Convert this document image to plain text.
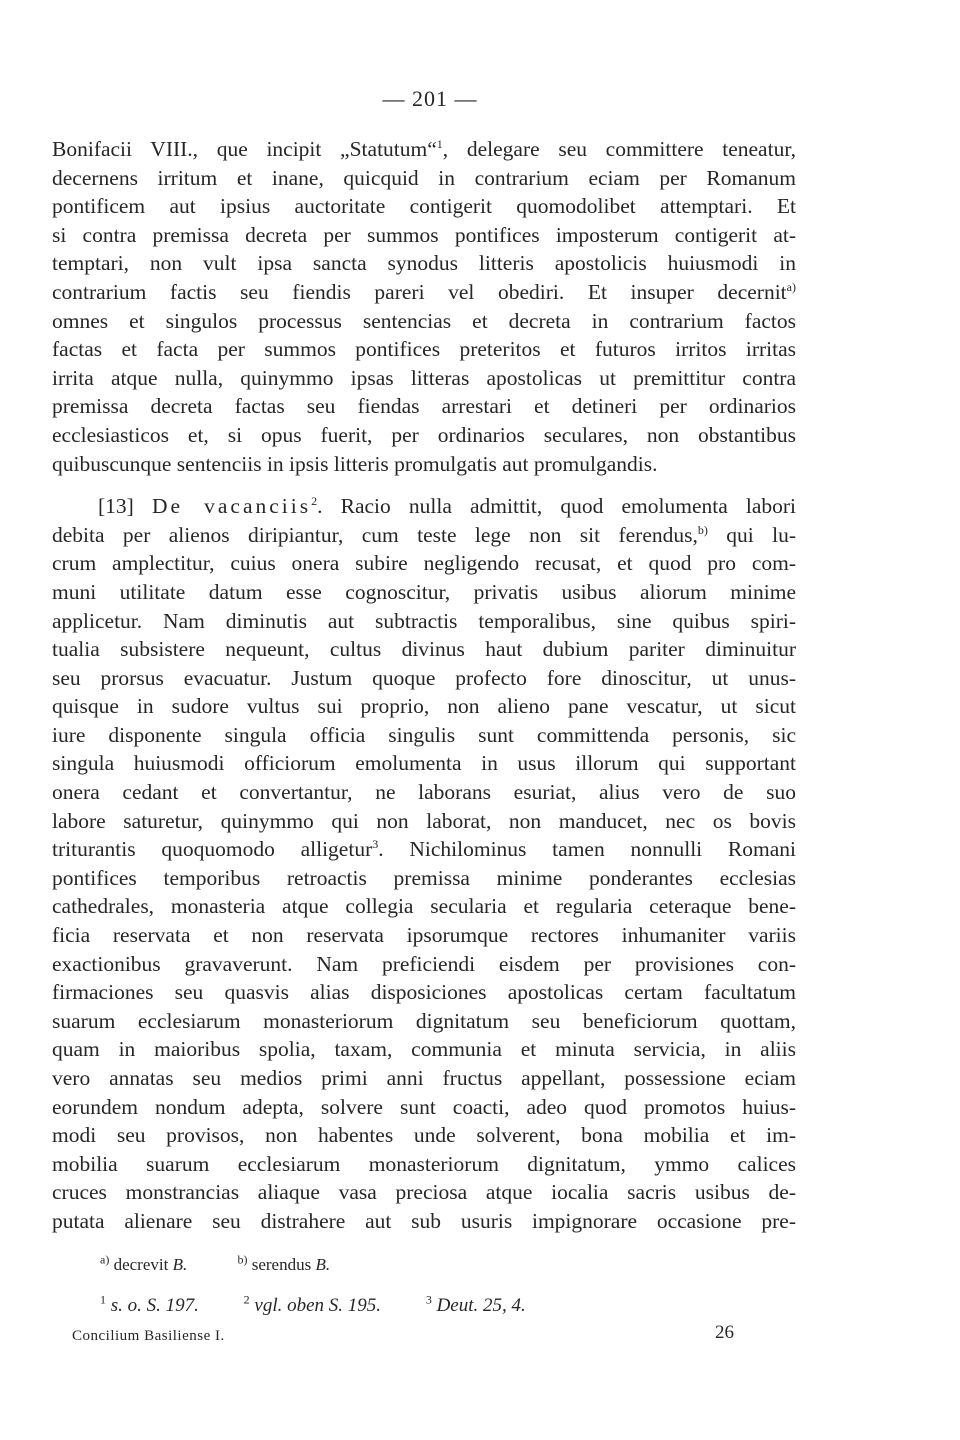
— 201 —
Bonifacii VIII., que incipit „Statutum“$^1$, delegare seu committere teneatur,
decernens irritum et inane, quicquid in contrarium eciam per Romanum
pontificem aut ipsius auctoritate contigerit quomodolibet attemptari. Et
si contra premissa decreta per summos pontifices imposterum contigerit at-
temptari, non vult ipsa sancta synodus litteris apostolicis huiusmodi in
contrarium factis seu fiendis pareri vel obediri. Et insuper decernit$^{a)}$
omnes et singulos processus sentencias et decreta in contrarium factos
factas et facta per summos pontifices preteritos et futuros irritos irritas
irrita atque nulla, quinymmo ipsas litteras apostolicas ut premittitur contra
premissa decreta factas seu fiendas arrestari et detineri per ordinarios
ecclesiasticos et, si opus fuerit, per ordinarios seculares, non obstantibus
quibuscunque sentenciis in ipsis litteris promulgatis aut promulgandis.
[13] De vacanciis$^2$. Racio nulla admittit, quod emolumenta labori
debita per alienos diripiantur, cum teste lege non sit ferendus,$^{b)}$ qui lu-
crum amplectitur, cuius onera subire negligendo recusat, et quod pro com-
muni utilitate datum esse cognoscitur, privatis usibus aliorum minime
applicetur. Nam diminutis aut subtractis temporalibus, sine quibus spiri-
tualia subsistere nequeunt, cultus divinus haut dubium pariter diminuitur
seu prorsus evacuatur. Justum quoque profecto fore dinoscitur, ut unus-
quisque in sudore vultus sui proprio, non alieno pane vescatur, ut sicut
iure disponente singula officia singulis sunt committenda personis, sic
singula huiusmodi officiorum emolumenta in usus illorum qui supportant
onera cedant et convertantur, ne laborans esuriat, alius vero de suo
labore saturetur, quinymmo qui non laborat, non manducet, nec os bovis
triturantis quoquomodo alligetur$^3$. Nichilominus tamen nonnulli Romani
pontifices temporibus retroactis premissa minime ponderantes ecclesias
cathedrales, monasteria atque collegia secularia et regularia ceteraque bene-
ficia reservata et non reservata ipsorumque rectores inhumaniter variis
exactionibus gravaverunt. Nam preficiendi eisdem per provisiones con-
firmaciones seu quasvis alias disposiciones apostolicas certam facultatum
suarum ecclesiarum monasteriorum dignitatum seu beneficiorum quottam,
quam in maioribus spolia, taxam, communia et minuta servicia, in aliis
vero annatas seu medios primi anni fructus appellant, possessione eciam
eorundem nondum adepta, solvere sunt coacti, adeo quod promotos huius-
modi seu provisos, non habentes unde solverent, bona mobilia et im-
mobilia suarum ecclesiarum monasteriorum dignitatum, ymmo calices
cruces monstrancias aliaque vasa preciosa atque iocalia sacris usibus de-
putata alienare seu distrahere aut sub usuris impignorare occasione pre-
$^{a)}$ decrevit B.	$^{b)}$ serendus B.
$^1$ s. o. S. 197.	$^2$ vgl. oben S. 195.	$^3$ Deut. 25, 4.
Concilium Basiliense I.	26
